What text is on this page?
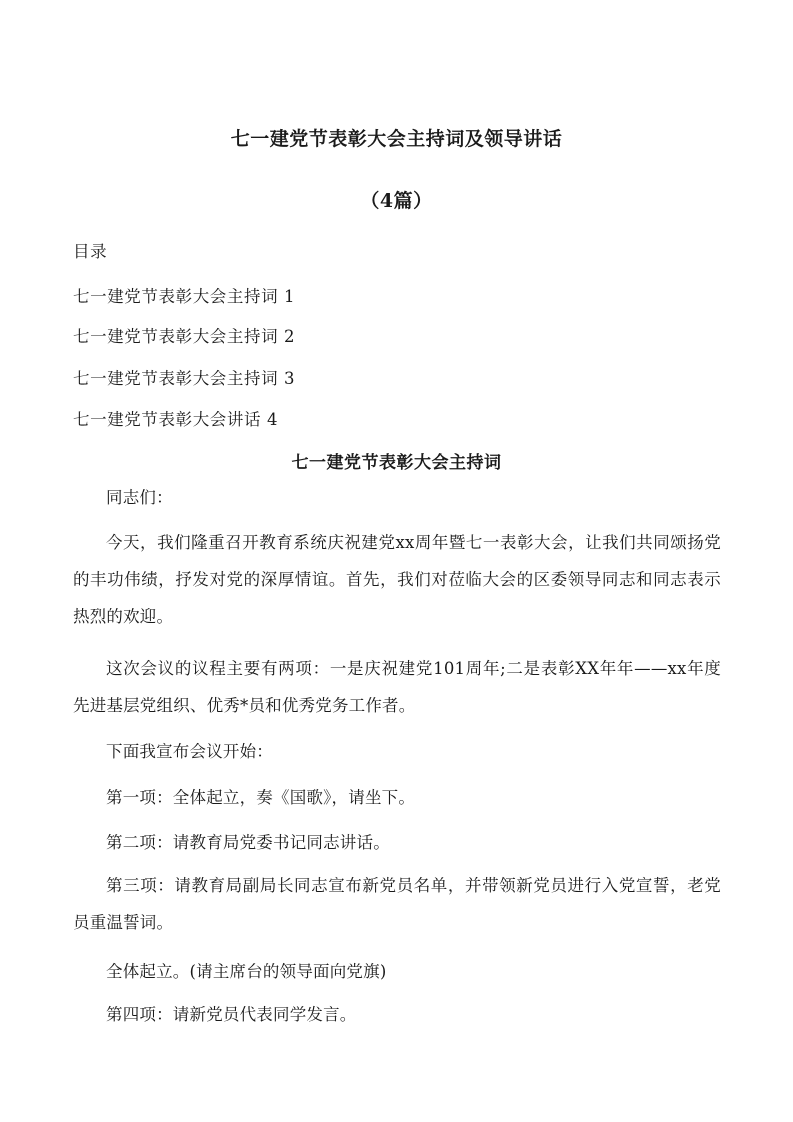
七一建党节表彰大会主持词及领导讲话
（4篇）
目录
七一建党节表彰大会主持词 1
七一建党节表彰大会主持词 2
七一建党节表彰大会主持词 3
七一建党节表彰大会讲话 4
七一建党节表彰大会主持词

同志们：

今天，我们隆重召开教育系统庆祝建党xx周年暨七一表彰大会，让我们共同颂扬党的丰功伟绩，抒发对党的深厚情谊。首先，我们对莅临大会的区委领导同志和同志表示热烈的欢迎。

这次会议的议程主要有两项：一是庆祝建党101周年;二是表彰XX年年——xx年度先进基层党组织、优秀*员和优秀党务工作者。

下面我宣布会议开始：

第一项：全体起立，奏《国歌》，请坐下。

第二项：请教育局党委书记同志讲话。

第三项：请教育局副局长同志宣布新党员名单，并带领新党员进行入党宣誓，老党员重温誓词。

全体起立。(请主席台的领导面向党旗)

第四项：请新党员代表同学发言。
